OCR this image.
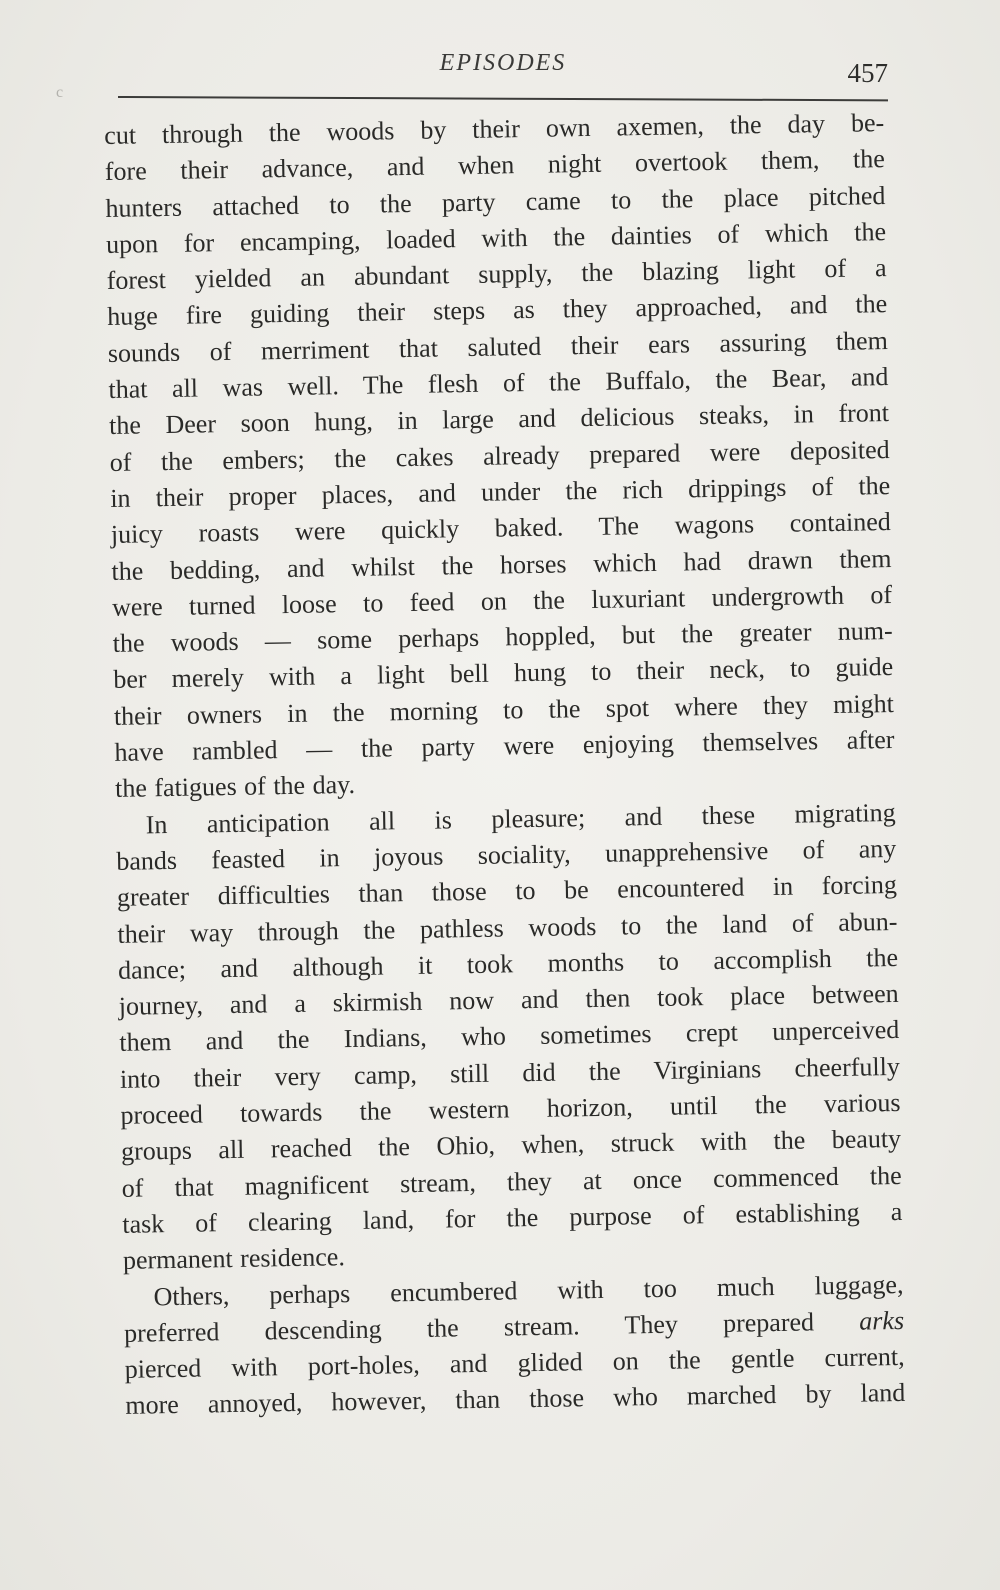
c
EPISODES	457
cut through the woods by their own axemen, the day be-
fore their advance, and when night overtook them, the
hunters attached to the party came to the place pitched
upon for encamping, loaded with the dainties of which the
forest yielded an abundant supply, the blazing light of a
huge fire guiding their steps as they approached, and the
sounds of merriment that saluted their ears assuring them
that all was well. The flesh of the Buffalo, the Bear, and
the Deer soon hung, in large and delicious steaks, in front
of the embers; the cakes already prepared were deposited
in their proper places, and under the rich drippings of the
juicy roasts were quickly baked. The wagons contained
the bedding, and whilst the horses which had drawn them
were turned loose to feed on the luxuriant undergrowth of
the woods — some perhaps hoppled, but the greater num-
ber merely with a light bell hung to their neck, to guide
their owners in the morning to the spot where they might
have rambled — the party were enjoying themselves after
the fatigues of the day.
In anticipation all is pleasure; and these migrating
bands feasted in joyous sociality, unapprehensive of any
greater difficulties than those to be encountered in forcing
their way through the pathless woods to the land of abun-
dance; and although it took months to accomplish the
journey, and a skirmish now and then took place between
them and the Indians, who sometimes crept unperceived
into their very camp, still did the Virginians cheerfully
proceed towards the western horizon, until the various
groups all reached the Ohio, when, struck with the beauty
of that magnificent stream, they at once commenced the
task of clearing land, for the purpose of establishing a
permanent residence.
Others, perhaps encumbered with too much luggage,
preferred descending the stream. They prepared arks
pierced with port-holes, and glided on the gentle current,
more annoyed, however, than those who marched by land
